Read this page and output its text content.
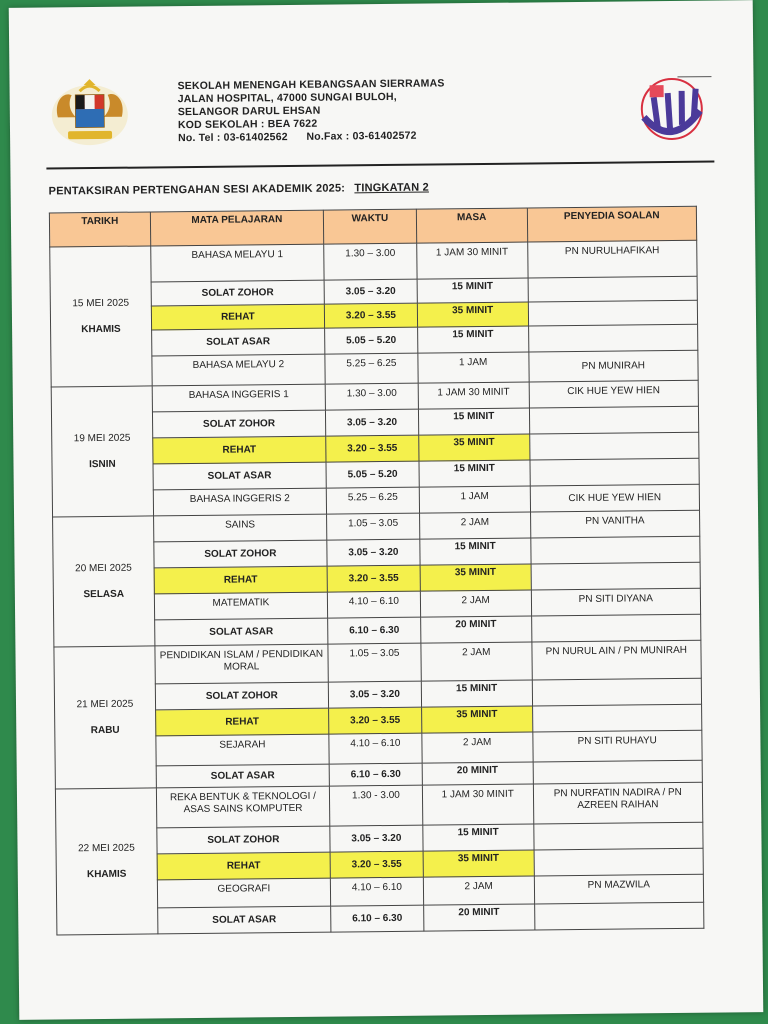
SEKOLAH MENENGAH KEBANGSAAN SIERRAMAS
JALAN HOSPITAL, 47000 SUNGAI BULOH,
SELANGOR DARUL EHSAN
KOD SEKOLAH : BEA 7622
No. Tel : 03-61402562      No.Fax : 03-61402572
PENTAKSIRAN PERTENGAHAN SESI AKADEMIK 2025: TINGKATAN 2
TARIKH	MATA PELAJARAN	WAKTU	MASA	PENYEDIA SOALAN

15 MEI 2025
KHAMIS	BAHASA MELAYU 1	1.30 – 3.00	1 JAM 30 MINIT	PN NURULHAFIKAH
	SOLAT ZOHOR	3.05 – 3.20	15 MINIT	
	REHAT	3.20 – 3.55	35 MINIT	
	SOLAT ASAR	5.05 – 5.20	15 MINIT	
	BAHASA MELAYU 2	5.25 – 6.25	1 JAM	PN MUNIRAH

19 MEI 2025
ISNIN	BAHASA INGGERIS 1	1.30 – 3.00	1 JAM 30 MINIT	CIK HUE YEW HIEN
	SOLAT ZOHOR	3.05 – 3.20	15 MINIT	
	REHAT	3.20 – 3.55	35 MINIT	
	SOLAT ASAR	5.05 – 5.20	15 MINIT	
	BAHASA INGGERIS 2	5.25 – 6.25	1 JAM	CIK HUE YEW HIEN

20 MEI 2025
SELASA	SAINS	1.05 – 3.05	2 JAM	PN VANITHA
	SOLAT ZOHOR	3.05 – 3.20	15 MINIT	
	REHAT	3.20 – 3.55	35 MINIT	
	MATEMATIK	4.10 – 6.10	2 JAM	PN SITI DIYANA
	SOLAT ASAR	6.10 – 6.30	20 MINIT	

21 MEI 2025
RABU	PENDIDIKAN ISLAM / PENDIDIKAN MORAL	1.05 – 3.05	2 JAM	PN NURUL AIN / PN MUNIRAH
	SOLAT ZOHOR	3.05 – 3.20	15 MINIT	
	REHAT	3.20 – 3.55	35 MINIT	
	SEJARAH	4.10 – 6.10	2 JAM	PN SITI RUHAYU
	SOLAT ASAR	6.10 – 6.30	20 MINIT	

22 MEI 2025
KHAMIS	REKA BENTUK & TEKNOLOGI / ASAS SAINS KOMPUTER	1.30 - 3.00	1 JAM 30 MINIT	PN NURFATIN NADIRA / PN AZREEN RAIHAN
	SOLAT ZOHOR	3.05 – 3.20	15 MINIT	
	REHAT	3.20 – 3.55	35 MINIT	
	GEOGRAFI	4.10 – 6.10	2 JAM	PN MAZWILA
	SOLAT ASAR	6.10 – 6.30	20 MINIT	
